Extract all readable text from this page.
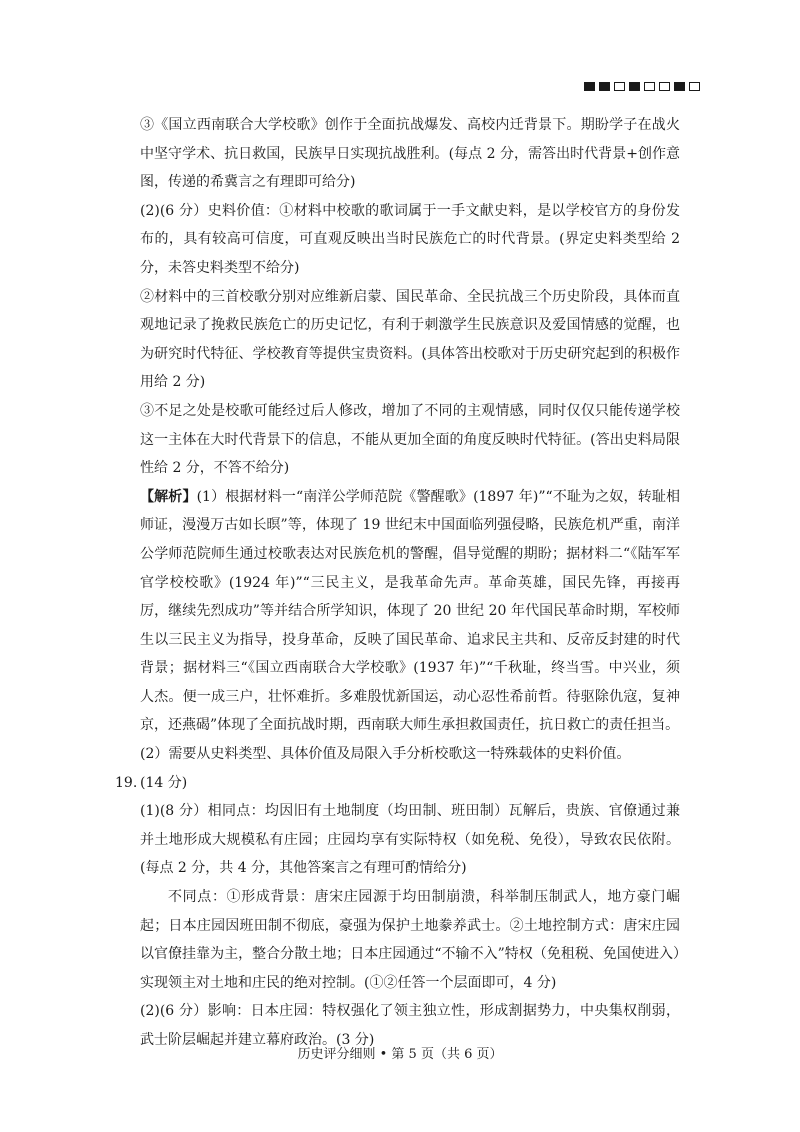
③《国立西南联合大学校歌》创作于全面抗战爆发、高校内迁背景下。期盼学子在战火中坚守学术、抗日救国，民族早日实现抗战胜利。(每点 2 分，需答出时代背景+创作意图，传递的希冀言之有理即可给分)

(2)(6 分）史料价值：①材料中校歌的歌词属于一手文献史料，是以学校官方的身份发布的，具有较高可信度，可直观反映出当时民族危亡的时代背景。(界定史料类型给 2 分，未答史料类型不给分)

②材料中的三首校歌分别对应维新启蒙、国民革命、全民抗战三个历史阶段，具体而直观地记录了挽救民族危亡的历史记忆，有利于刺激学生民族意识及爱国情感的觉醒，也为研究时代特征、学校教育等提供宝贵资料。(具体答出校歌对于历史研究起到的积极作用给 2 分)

③不足之处是校歌可能经过后人修改，增加了不同的主观情感，同时仅仅只能传递学校这一主体在大时代背景下的信息，不能从更加全面的角度反映时代特征。(答出史料局限性给 2 分，不答不给分)

【解析】(1）根据材料一“南洋公学师范院《警醒歌》(1897 年)”“不耻为之奴，转耻相师证，漫漫万古如长暝”等，体现了 19 世纪末中国面临列强侵略，民族危机严重，南洋公学师范院师生通过校歌表达对民族危机的警醒，倡导觉醒的期盼；据材料二“《陆军军官学校校歌》(1924 年)”“三民主义，是我革命先声。革命英雄，国民先锋，再接再厉，继续先烈成功”等并结合所学知识，体现了 20 世纪 20 年代国民革命时期，军校师生以三民主义为指导，投身革命，反映了国民革命、追求民主共和、反帝反封建的时代背景；据材料三“《国立西南联合大学校歌》(1937 年)”“千秋耻，终当雪。中兴业，须人杰。便一成三户，壮怀难折。多难殷忧新国运，动心忍性希前哲。待驱除仇寇，复神京，还燕碣”体现了全面抗战时期，西南联大师生承担救国责任，抗日救亡的责任担当。

(2）需要从史料类型、具体价值及局限入手分析校歌这一特殊载体的史料价值。

19. (14 分)

(1)(8 分）相同点：均因旧有土地制度（均田制、班田制）瓦解后，贵族、官僚通过兼并土地形成大规模私有庄园；庄园均享有实际特权（如免税、免役），导致农民依附。(每点 2 分，共 4 分，其他答案言之有理可酌情给分)

不同点：①形成背景：唐宋庄园源于均田制崩溃，科举制压制武人，地方豪门崛起；日本庄园因班田制不彻底，豪强为保护土地豢养武士。②土地控制方式：唐宋庄园以官僚挂靠为主，整合分散土地；日本庄园通过“不输不入”特权（免租税、免国使进入）实现领主对土地和庄民的绝对控制。(①②任答一个层面即可，4 分)

(2)(6 分）影响：日本庄园：特权强化了领主独立性，形成割据势力，中央集权削弱，武士阶层崛起并建立幕府政治。(3 分)

历史评分细则 • 第 5 页（共 6 页）
